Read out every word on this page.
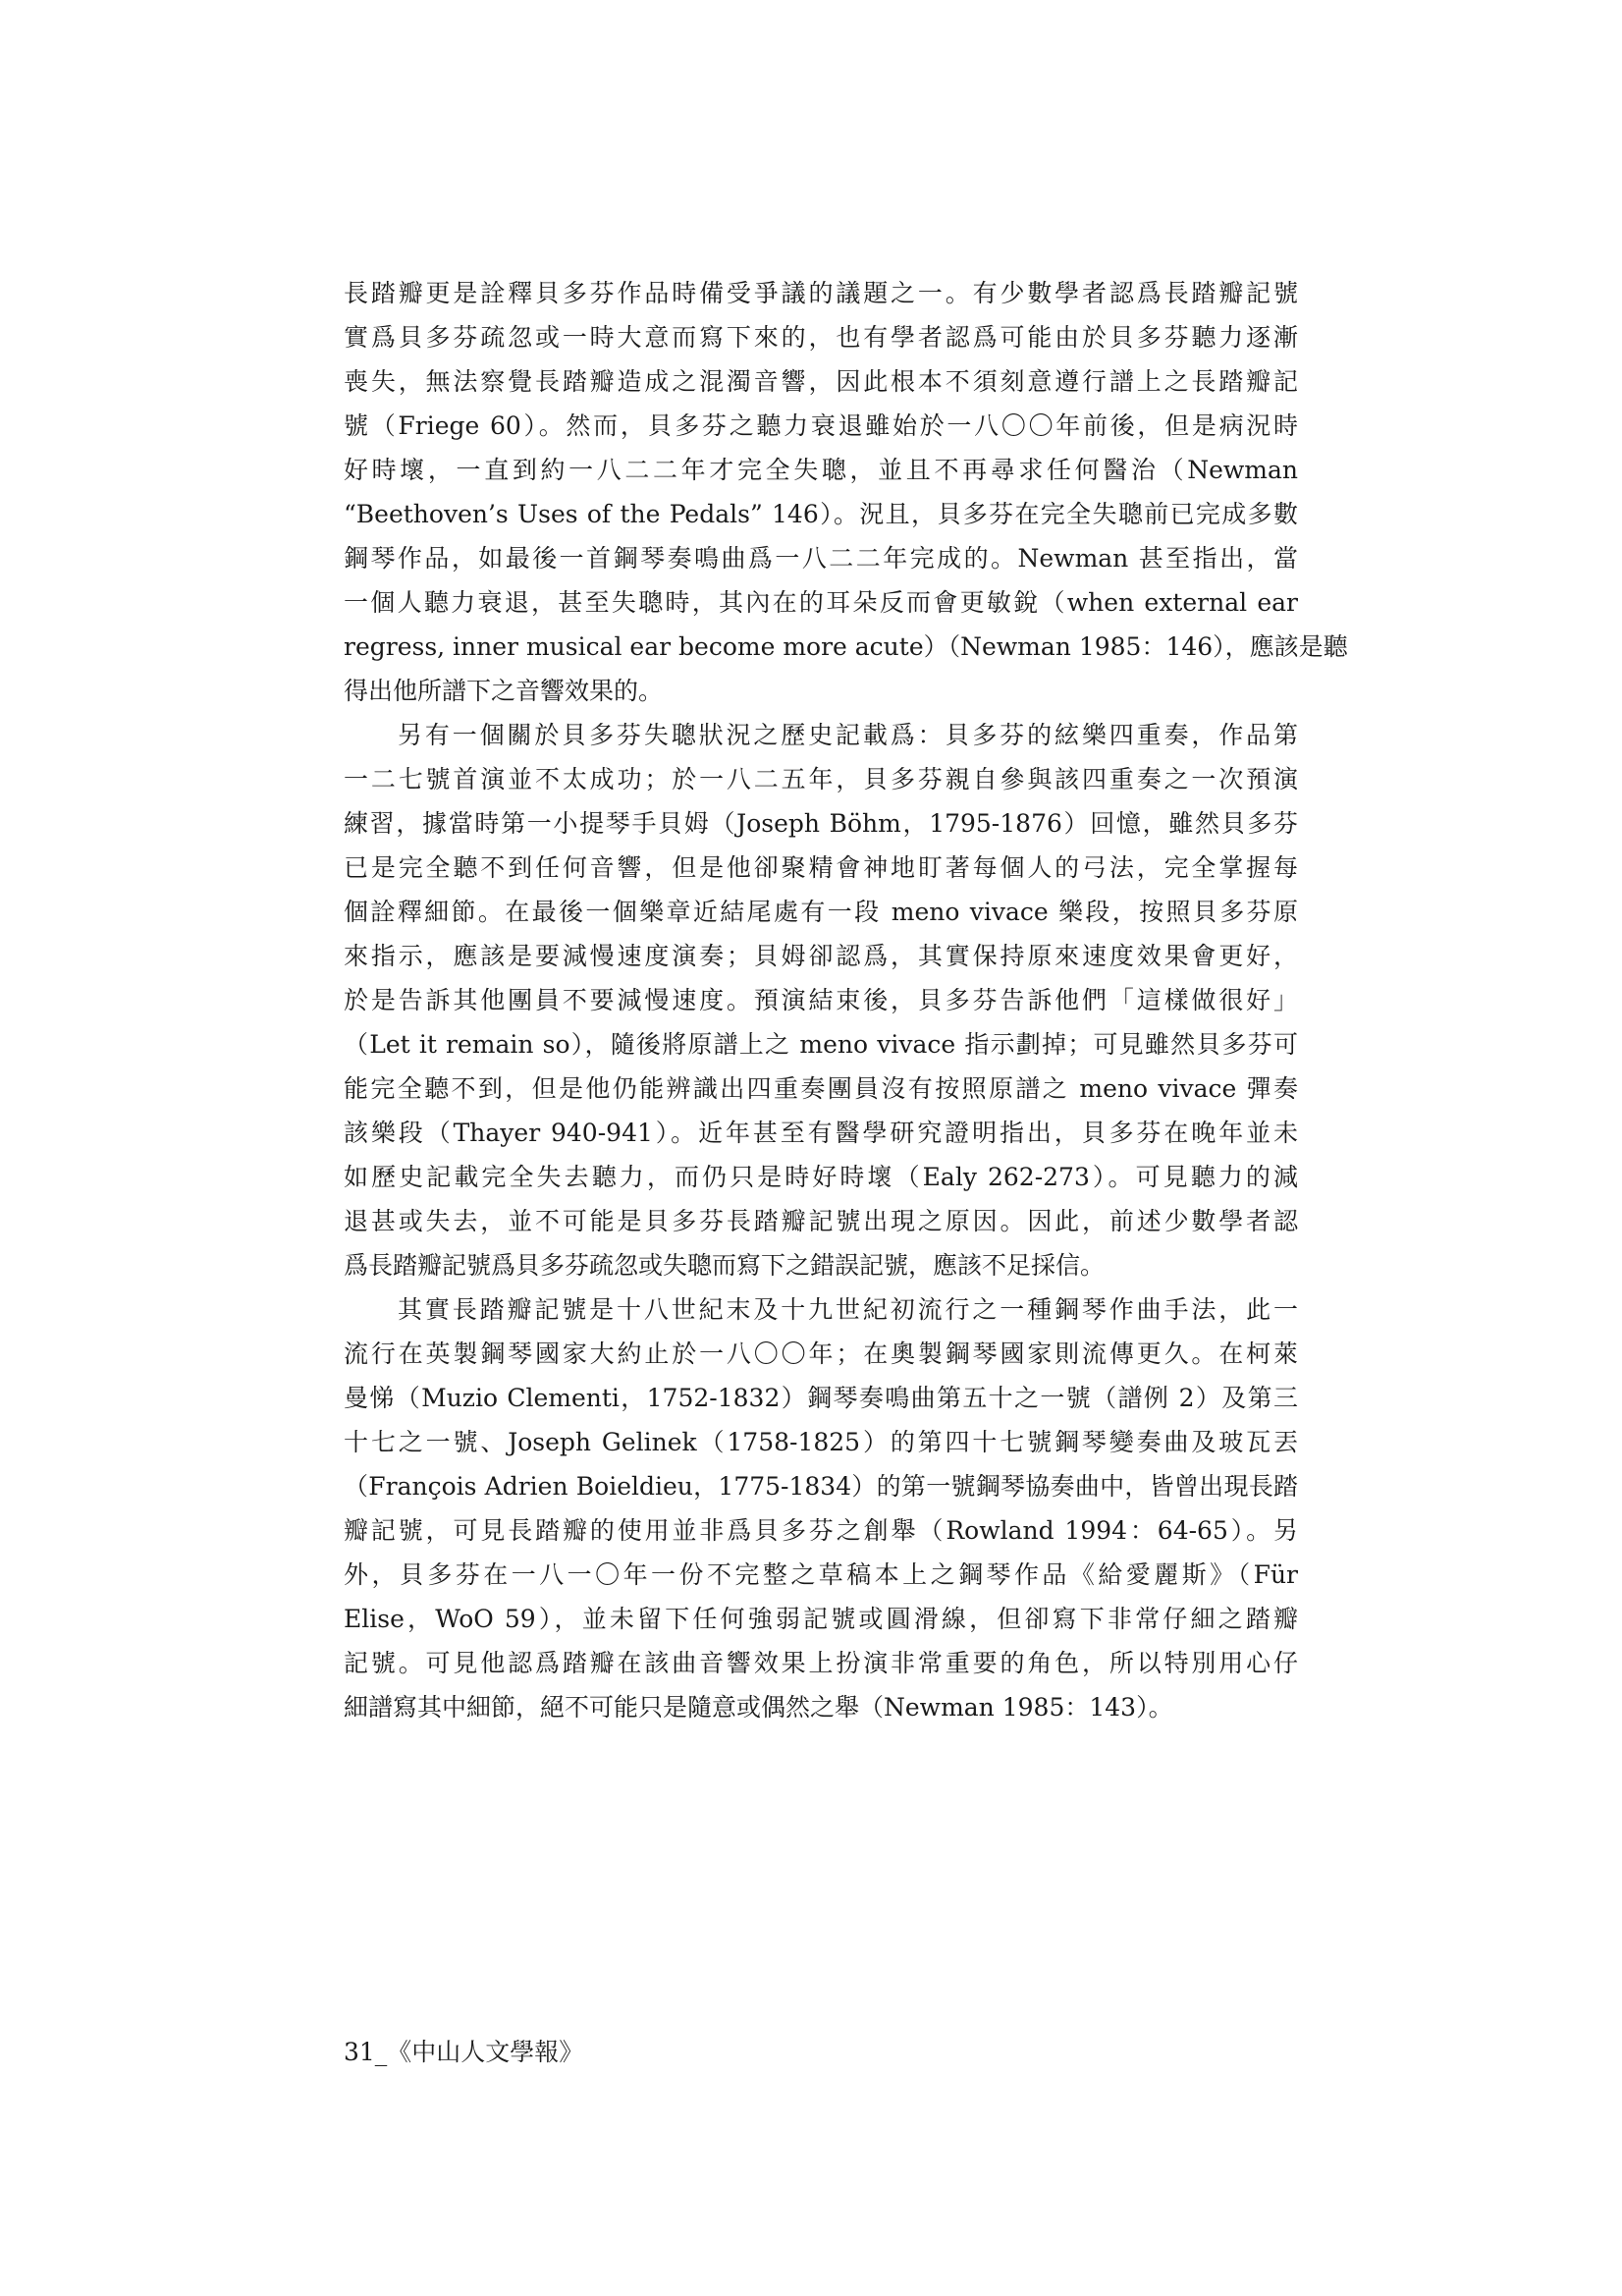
長踏瓣更是詮釋貝多芬作品時備受爭議的議題之一。有少數學者認爲長踏瓣記號
實爲貝多芬疏忽或一時大意而寫下來的，也有學者認爲可能由於貝多芬聽力逐漸
喪失，無法察覺長踏瓣造成之混濁音響，因此根本不須刻意遵行譜上之長踏瓣記
號（Friege 60）。然而，貝多芬之聽力衰退雖始於一八〇〇年前後，但是病況時
好時壞，一直到約一八二二年才完全失聰，並且不再尋求任何醫治（Newman
“Beethoven’s Uses of the Pedals” 146）。況且，貝多芬在完全失聰前已完成多數
鋼琴作品，如最後一首鋼琴奏鳴曲爲一八二二年完成的。Newman 甚至指出，當
一個人聽力衰退，甚至失聰時，其內在的耳朵反而會更敏銳（when external ear
regress, inner musical ear become more acute）（Newman 1985：146），應該是聽
得出他所譜下之音響效果的。
另有一個關於貝多芬失聰狀況之歷史記載爲：貝多芬的絃樂四重奏，作品第
一二七號首演並不太成功；於一八二五年，貝多芬親自參與該四重奏之一次預演
練習，據當時第一小提琴手貝姆（Joseph Böhm，1795-1876）回憶，雖然貝多芬
已是完全聽不到任何音響，但是他卻聚精會神地盯著每個人的弓法，完全掌握每
個詮釋細節。在最後一個樂章近結尾處有一段 meno vivace 樂段，按照貝多芬原
來指示，應該是要減慢速度演奏；貝姆卻認爲，其實保持原來速度效果會更好，
於是告訴其他團員不要減慢速度。預演結束後，貝多芬告訴他們「這樣做很好」
（Let it remain so），隨後將原譜上之 meno vivace 指示劃掉；可見雖然貝多芬可
能完全聽不到，但是他仍能辨識出四重奏團員沒有按照原譜之 meno vivace 彈奏
該樂段（Thayer 940-941）。近年甚至有醫學研究證明指出，貝多芬在晚年並未
如歷史記載完全失去聽力，而仍只是時好時壞（Ealy 262-273）。可見聽力的減
退甚或失去，並不可能是貝多芬長踏瓣記號出現之原因。因此，前述少數學者認
爲長踏瓣記號爲貝多芬疏忽或失聰而寫下之錯誤記號，應該不足採信。
其實長踏瓣記號是十八世紀末及十九世紀初流行之一種鋼琴作曲手法，此一
流行在英製鋼琴國家大約止於一八〇〇年；在奧製鋼琴國家則流傳更久。在柯萊
曼悌（Muzio Clementi，1752-1832）鋼琴奏鳴曲第五十之一號（譜例 2）及第三
十七之一號、Joseph Gelinek（1758-1825）的第四十七號鋼琴變奏曲及玻瓦丟
（François Adrien Boieldieu，1775-1834）的第一號鋼琴協奏曲中，皆曾出現長踏
瓣記號，可見長踏瓣的使用並非爲貝多芬之創舉（Rowland 1994：64-65）。另
外，貝多芬在一八一〇年一份不完整之草稿本上之鋼琴作品《給愛麗斯》（Für
Elise，WoO 59），並未留下任何強弱記號或圓滑線，但卻寫下非常仔細之踏瓣
記號。可見他認爲踏瓣在該曲音響效果上扮演非常重要的角色，所以特別用心仔
細譜寫其中細節，絕不可能只是隨意或偶然之舉（Newman 1985：143）。
31_《中山人文學報》
